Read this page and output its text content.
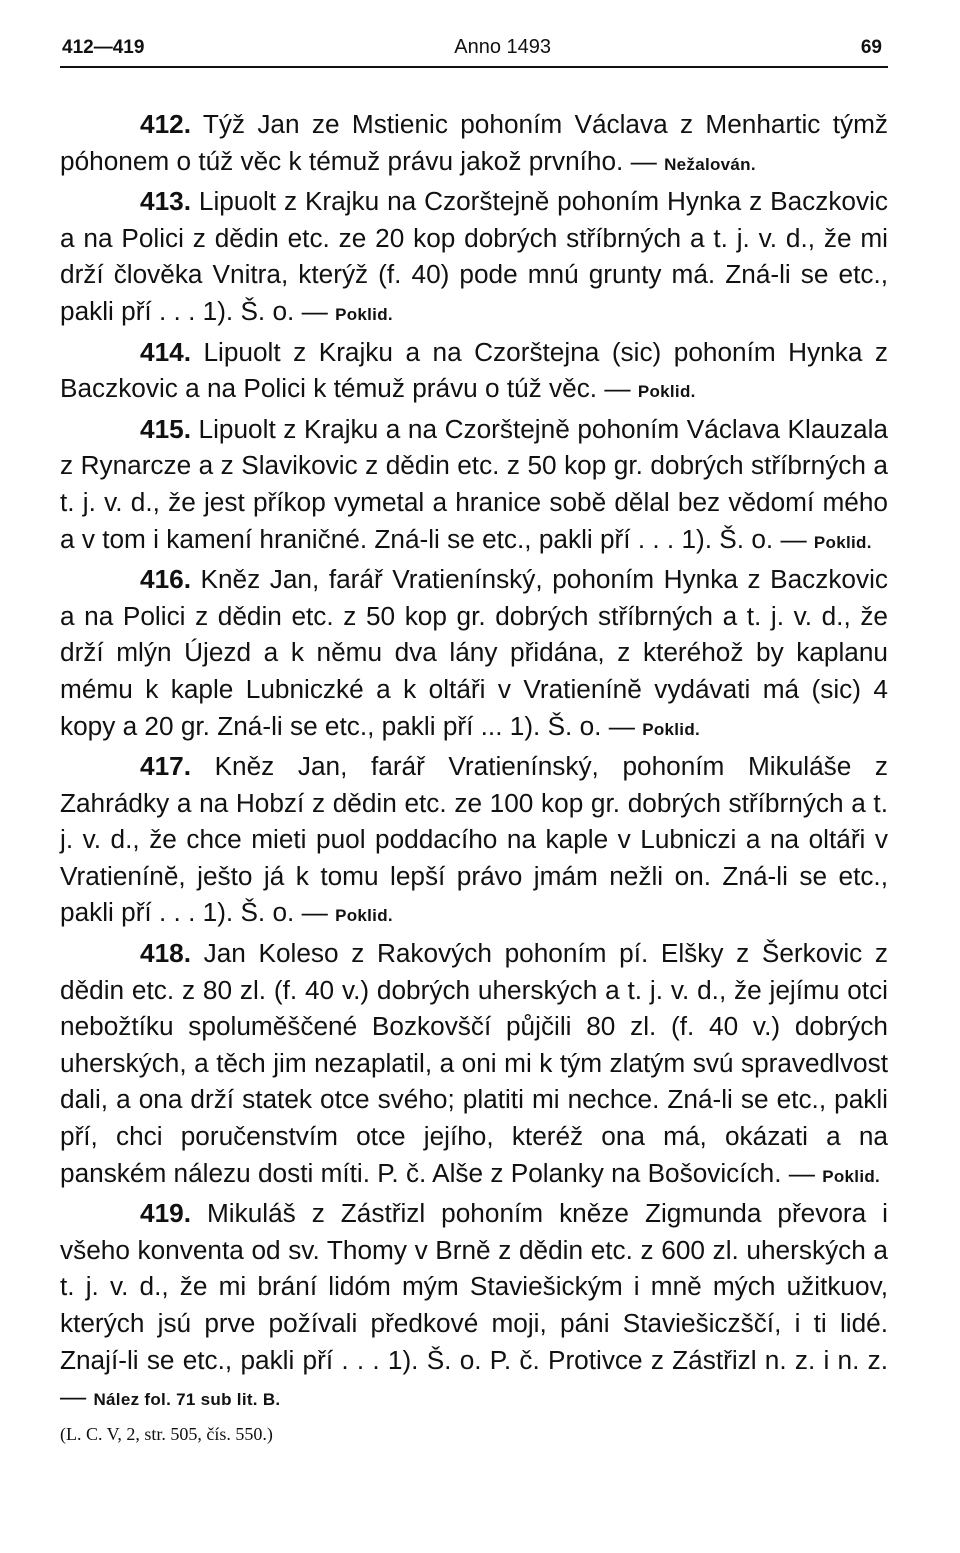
412—419	Anno 1493	69

412. Týž Jan ze Mstienic pohoním Václava z Menhartic týmž póhonem o túž věc k témuž právu jakož prvního. — Nežalován.

413. Lipuolt z Krajku na Czorštejně pohoním Hynka z Baczkovic a na Polici z dědin etc. ze 20 kop dobrých stříbrných a t. j. v. d., že mi drží člověka Vnitra, kterýž (f. 40) pode mnú grunty má. Zná-li se etc., pakli pří . . . 1). Š. o. — Poklid.

414. Lipuolt z Krajku a na Czorštejna (sic) pohoním Hynka z Baczkovic a na Polici k témuž právu o túž věc. — Poklid.

415. Lipuolt z Krajku a na Czorštejně pohoním Václava Klauzala z Rynarcze a z Slavikovic z dědin etc. z 50 kop gr. dobrých stříbrných a t. j. v. d., že jest příkop vymetal a hranice sobě dělal bez vědomí mého a v tom i kamení hraničné. Zná-li se etc., pakli pří . . . 1). Š. o. — Poklid.

416. Kněz Jan, farář Vratienínský, pohoním Hynka z Baczkovic a na Polici z dědin etc. z 50 kop gr. dobrých stříbrných a t. j. v. d., že drží mlýn Újezd a k němu dva lány přidána, z kteréhož by kaplanu mému k kaple Lubniczké a k oltáři v Vratienínĕ vydávati má (sic) 4 kopy a 20 gr. Zná-li se etc., pakli pří ... 1). Š. o. — Poklid.

417. Kněz Jan, farář Vratienínský, pohoním Mikuláše z Zahrádky a na Hobzí z dědin etc. ze 100 kop gr. dobrých stříbrných a t. j. v. d., že chce mieti puol poddacího na kaple v Lubniczi a na oltáři v Vratienínĕ, ješto já k tomu lepší právo jmám nežli on. Zná-li se etc., pakli pří . . . 1). Š. o. — Poklid.

418. Jan Koleso z Rakových pohoním pí. Elšky z Šerkovic z dědin etc. z 80 zl. (f. 40 v.) dobrých uherských a t. j. v. d., že jejímu otci nebožtíku spoluměščené Bozkovščí půjčili 80 zl. (f. 40 v.) dobrých uherských, a těch jim nezaplatil, a oni mi k tým zlatým svú spravedlvost dali, a ona drží statek otce svého; platiti mi nechce. Zná-li se etc., pakli pří, chci poručenstvím otce jejího, kteréž ona má, okázati a na panském nálezu dosti míti. P. č. Alše z Polanky na Bošovicích. — Poklid.

419. Mikuláš z Zástřizl pohoním kněze Zigmunda převora i všeho konventa od sv. Thomy v Brně z dědin etc. z 600 zl. uherských a t. j. v. d., že mi brání lidóm mým Staviešickým i mně mých užitkuov, kterých jsú prve požívali předkové moji, páni Staviešiczščí, i ti lidé. Znají-li se etc., pakli pří . . . 1). Š. o. P. č. Protivce z Zástřizl n. z. i n. z. — Nález fol. 71 sub lit. B.

(L. C. V, 2, str. 505, čís. 550.)
